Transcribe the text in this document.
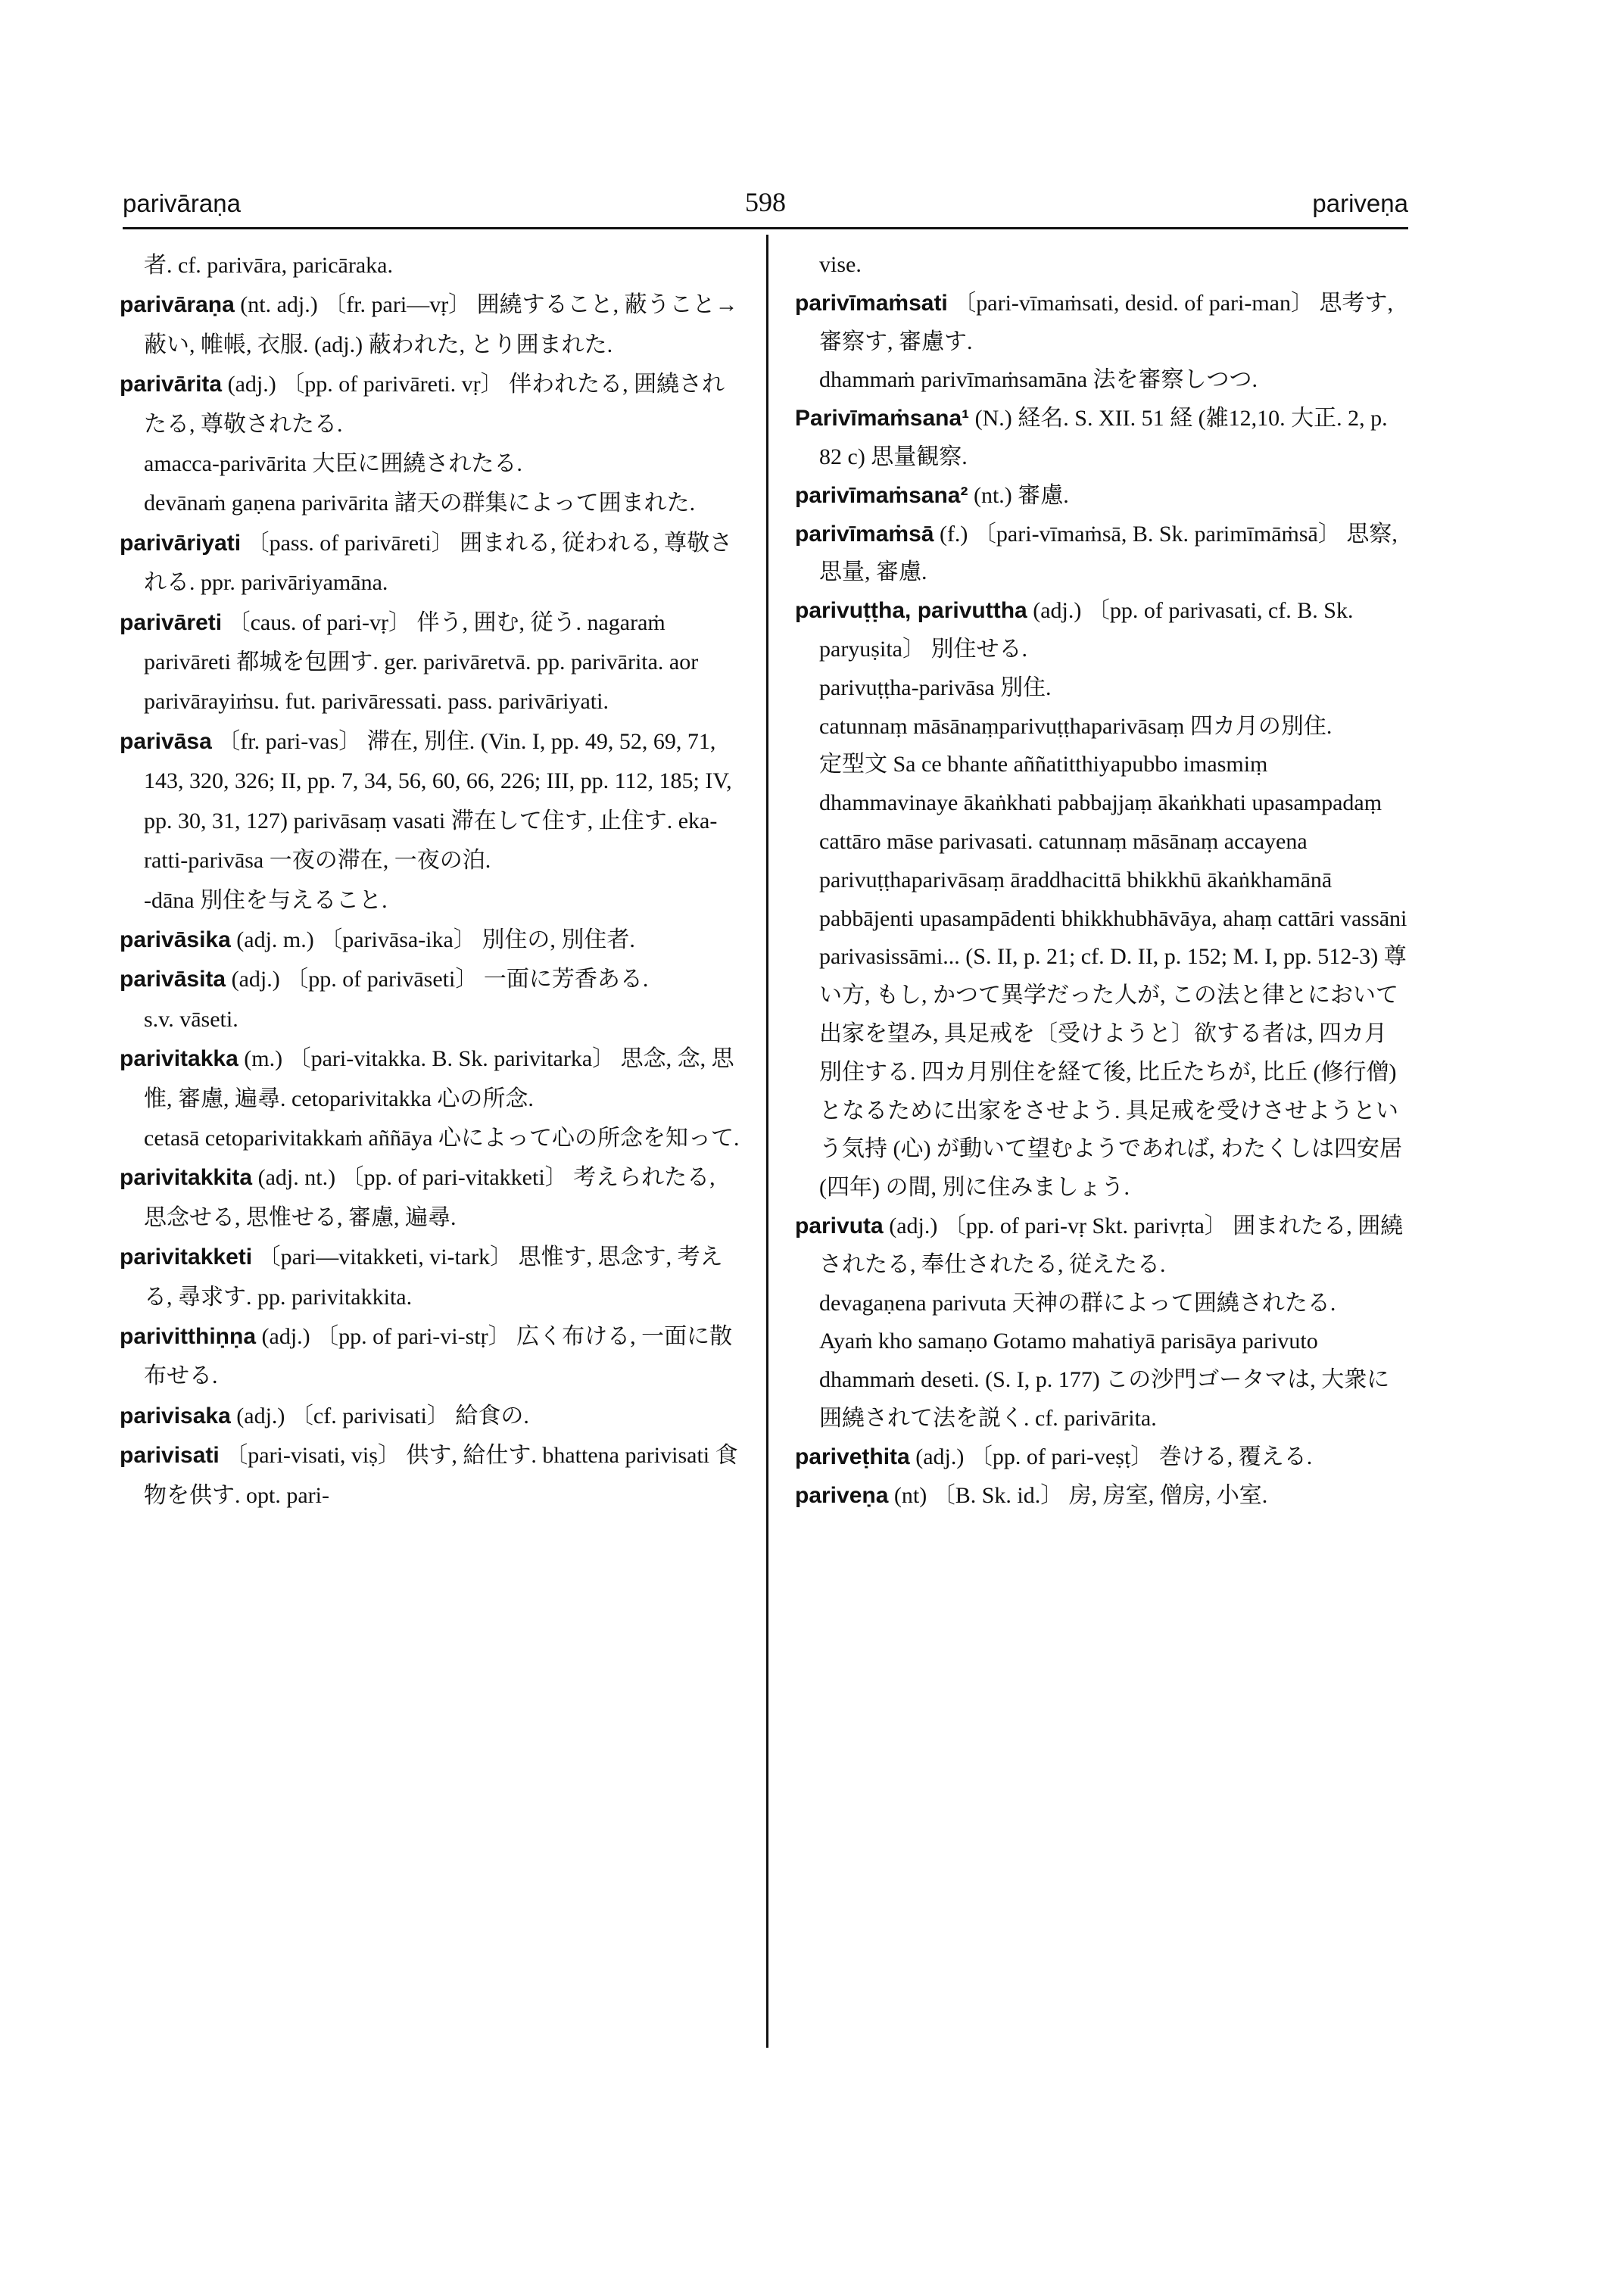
parivāraṇa	598	pariveṇa

者. cf. parivāra, paricāraka.

parivāraṇa (nt. adj.) 〔fr. pari—vṛ〕 囲繞すること, 蔽うこと→蔽い, 帷帳, 衣服. (adj.) 蔽われた, とり囲まれた.

parivārita (adj.) 〔pp. of parivāreti. vṛ〕 伴われたる, 囲繞されたる, 尊敬されたる.

amacca-parivārita 大臣に囲繞されたる.

devānaṁ gaṇena parivārita 諸天の群集によって囲まれた.

parivāriyati 〔pass. of parivāreti〕 囲まれる, 従われる, 尊敬される. ppr. parivāriyamāna.

parivāreti 〔caus. of pari-vṛ〕 伴う, 囲む, 従う. nagaraṁ parivāreti 都城を包囲す. ger. parivāretvā. pp. parivārita. aor parivārayiṁsu. fut. parivāressati. pass. parivāriyati.

parivāsa 〔fr. pari-vas〕 滞在, 別住. (Vin. I, pp. 49, 52, 69, 71, 143, 320, 326; II, pp. 7, 34, 56, 60, 66, 226; III, pp. 112, 185; IV, pp. 30, 31, 127) parivāsaṃ vasati 滞在して住す, 止住す. eka-ratti-parivāsa 一夜の滞在, 一夜の泊.

-dāna 別住を与えること.

parivāsika (adj. m.) 〔parivāsa-ika〕 別住の, 別住者.

parivāsita (adj.) 〔pp. of parivāseti〕 一面に芳香ある.

s.v. vāseti.

parivitakka (m.) 〔pari-vitakka. B. Sk. parivitarka〕 思念, 念, 思惟, 審慮, 遍尋. cetoparivitakka 心の所念.

cetasā cetoparivitakkaṁ aññāya 心によって心の所念を知って.

parivitakkita (adj. nt.) 〔pp. of pari-vitakketi〕 考えられたる, 思念せる, 思惟せる, 審慮, 遍尋.

parivitakketi 〔pari—vitakketi, vi-tark〕 思惟す, 思念す, 考える, 尋求す. pp. parivitakkita.

parivitthiṇṇa (adj.) 〔pp. of pari-vi-stṛ〕 広く布ける, 一面に散布せる.

parivisaka (adj.) 〔cf. parivisati〕 給食の.

parivisati 〔pari-visati, viṣ〕 供す, 給仕す. bhattena parivisati 食物を供す. opt. pari-

vise.

parivīmaṁsati 〔pari-vīmaṁsati, desid. of pari-man〕 思考す, 審察す, 審慮す.

dhammaṁ parivīmaṁsamāna 法を審察しつつ.

Parivīmaṁsana¹ (N.) 経名. S. XII. 51 経 (雑12,10. 大正. 2, p. 82 c) 思量観察.

parivīmaṁsana² (nt.) 審慮.

parivīmaṁsā (f.) 〔pari-vīmaṁsā, B. Sk. parimīmāṁsā〕 思察, 思量, 審慮.

parivuṭṭha, parivuttha (adj.) 〔pp. of parivasati, cf. B. Sk. paryuṣita〕 別住せる.

parivuṭṭha-parivāsa 別住.

catunnaṃ māsānaṃparivuṭṭhaparivāsaṃ 四カ月の別住.

定型文 Sa ce bhante aññatitthiyapubbo imasmiṃ dhammavinaye ākaṅkhati pabbajjaṃ ākaṅkhati upasampadaṃ cattāro māse parivasati. catunnaṃ māsānaṃ accayena parivuṭṭhaparivāsaṃ āraddhacittā bhikkhū ākaṅkhamānā pabbājenti upasampādenti bhikkhubhāvāya, ahaṃ cattāri vassāni parivasissāmi... (S. II, p. 21; cf. D. II, p. 152; M. I, pp. 512-3) 尊い方, もし, かつて異学だった人が, この法と律とにおいて出家を望み, 具足戒を〔受けようと〕欲する者は, 四カ月別住する. 四カ月別住を経て後, 比丘たちが, 比丘 (修行僧) となるために出家をさせよう. 具足戒を受けさせようという気持 (心) が動いて望むようであれば, わたくしは四安居 (四年) の間, 別に住みましょう.

parivuta (adj.) 〔pp. of pari-vṛ Skt. parivṛta〕 囲まれたる, 囲繞されたる, 奉仕されたる, 従えたる.

devagaṇena parivuta 天神の群によって囲繞されたる.

Ayaṁ kho samaṇo Gotamo mahatiyā parisāya parivuto dhammaṁ deseti. (S. I, p. 177) この沙門ゴータマは, 大衆に囲繞されて法を説く. cf. parivārita.

pariveṭhita (adj.) 〔pp. of pari-veṣṭ〕 巻ける, 覆える.

pariveṇa (nt) 〔B. Sk. id.〕 房, 房室, 僧房, 小室.
